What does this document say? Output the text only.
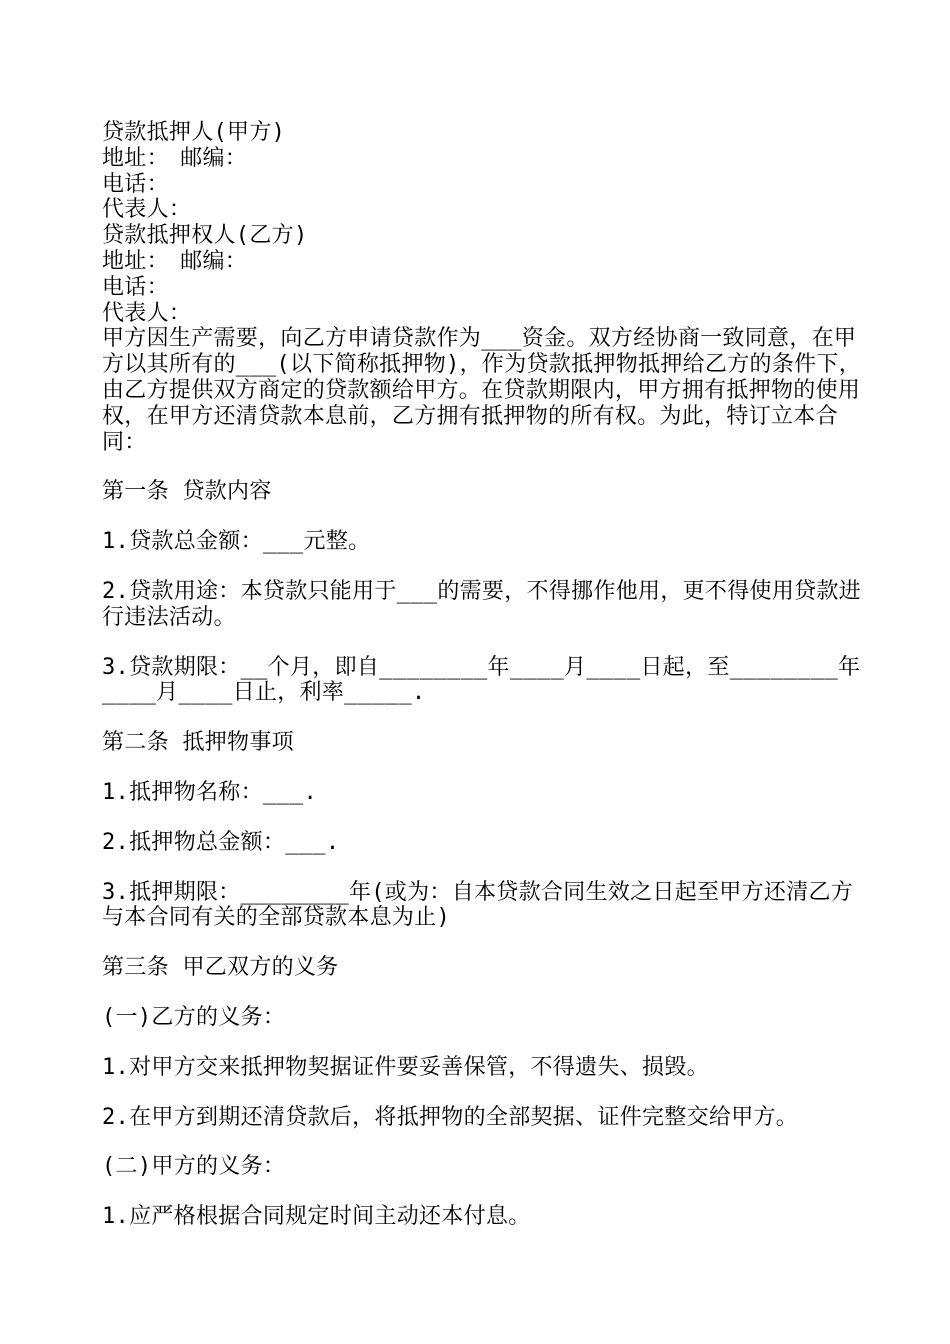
贷款抵押人(甲方)

地址：　邮编：

电话：

代表人：

贷款抵押权人(乙方)

地址：　邮编：

电话：

代表人：

甲方因生产需要，向乙方申请贷款作为___资金。双方经协商一致同意，在甲方以其所有的___(以下简称抵押物)，作为贷款抵押物抵押给乙方的条件下，由乙方提供双方商定的贷款额给甲方。在贷款期限内，甲方拥有抵押物的使用权，在甲方还清贷款本息前，乙方拥有抵押物的所有权。为此，特订立本合同：

第一条 贷款内容

1.贷款总金额：___元整。

2.贷款用途：本贷款只能用于___的需要，不得挪作他用，更不得使用贷款进行违法活动。

3.贷款期限：__个月，即自________年____月____日起，至________年____月____日止，利率_____.

第二条 抵押物事项

1.抵押物名称：___.

2.抵押物总金额：___.

3.抵押期限：________年(或为：自本贷款合同生效之日起至甲方还清乙方与本合同有关的全部贷款本息为止)

第三条 甲乙双方的义务

(一)乙方的义务：

1.对甲方交来抵押物契据证件要妥善保管，不得遗失、损毁。

2.在甲方到期还清贷款后，将抵押物的全部契据、证件完整交给甲方。

(二)甲方的义务：

1.应严格根据合同规定时间主动还本付息。
